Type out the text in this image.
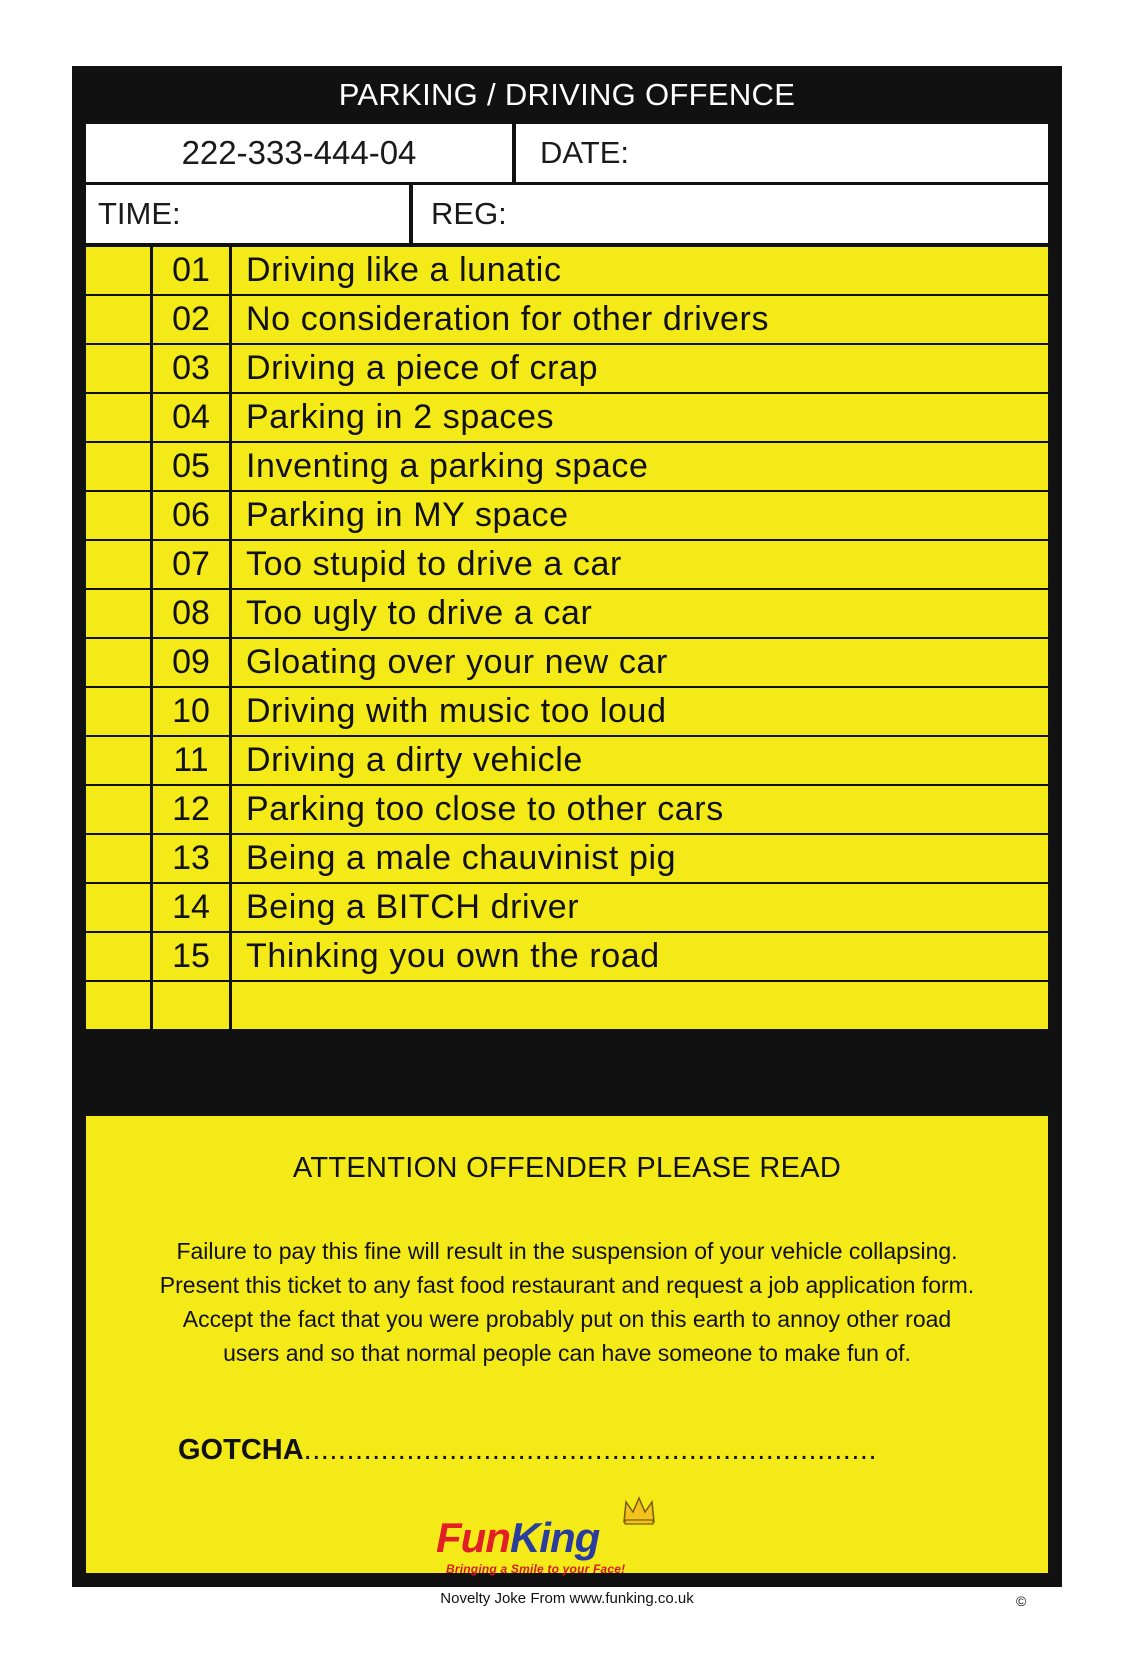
PARKING / DRIVING OFFENCE
222-333-444-04	DATE:
TIME:	REG:
01	Driving like a lunatic
02	No consideration for other drivers
03	Driving a piece of crap
04	Parking in 2 spaces
05	Inventing a parking space
06	Parking in MY space
07	Too stupid to drive a car
08	Too ugly to drive a car
09	Gloating over your new car
10	Driving with music too loud
11	Driving a dirty vehicle
12	Parking too close to other cars
13	Being a male chauvinist pig
14	Being a BITCH driver
15	Thinking you own the road
ATTENTION OFFENDER PLEASE READ
Failure to pay this fine will result in the suspension of your vehicle collapsing.
Present this ticket to any fast food restaurant and request a job application form.
Accept the fact that you were probably put on this earth to annoy other road
users and so that normal people can have someone to make fun of.
GOTCHA...................................................................
FunKing
Bringing a Smile to your Face!
Novelty Joke From www.funking.co.uk	©
